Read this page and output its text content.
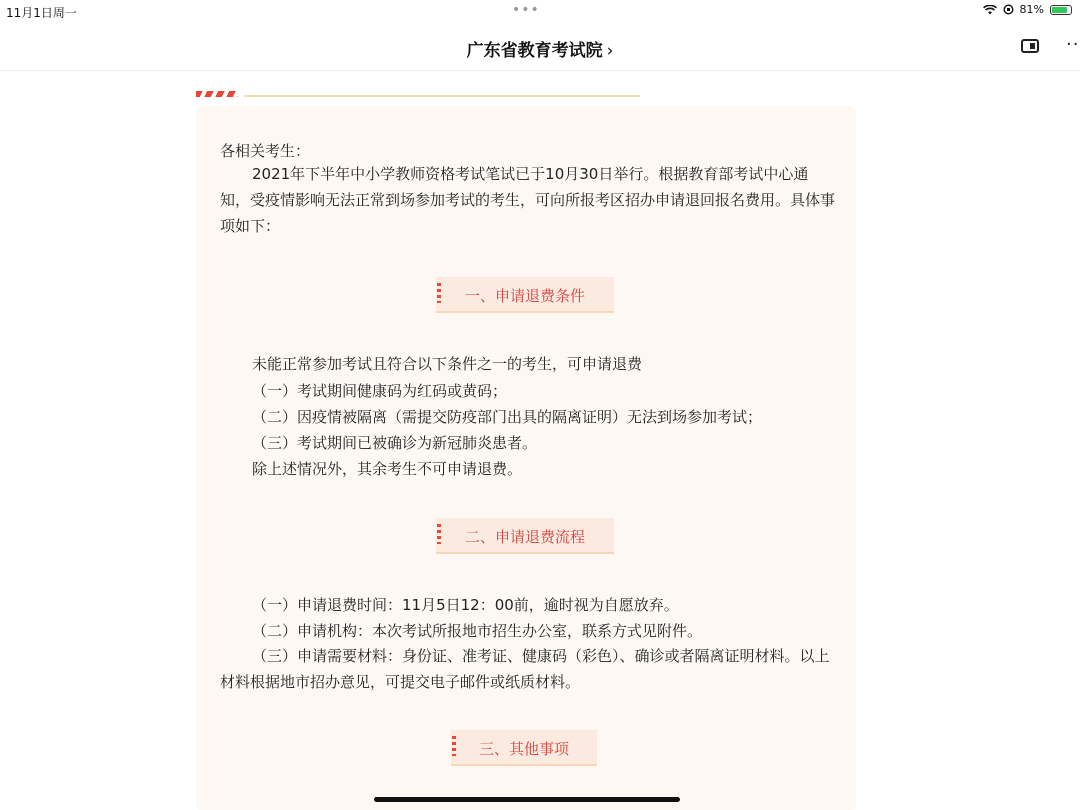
11月1日周一	•••	81%
广东省教育考试院 ›	··
各相关考生：
2021年下半年中小学教师资格考试笔试已于10月30日举行。根据教育部考试中心通知，受疫情影响无法正常到场参加考试的考生，可向所报考区招办申请退回报名费用。具体事项如下：
一、申请退费条件
未能正常参加考试且符合以下条件之一的考生，可申请退费
（一）考试期间健康码为红码或黄码；
（二）因疫情被隔离（需提交防疫部门出具的隔离证明）无法到场参加考试；
（三）考试期间已被确诊为新冠肺炎患者。
除上述情况外，其余考生不可申请退费。
二、申请退费流程
（一）申请退费时间：11月5日12：00前，逾时视为自愿放弃。
（二）申请机构：本次考试所报地市招生办公室，联系方式见附件。
（三）申请需要材料：身份证、准考证、健康码（彩色）、确诊或者隔离证明材料。以上材料根据地市招办意见，可提交电子邮件或纸质材料。
三、其他事项
